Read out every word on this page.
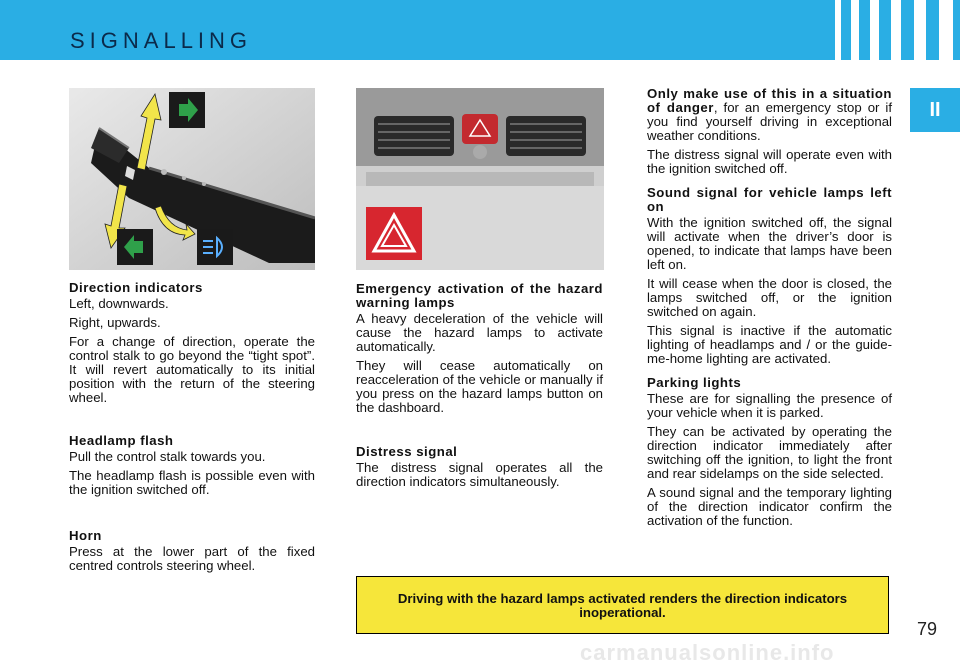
SIGNALLING
II
Direction indicators

Left, downwards.

Right, upwards.

For a change of direction, operate the control stalk to go beyond the “tight spot”. It will revert automatically to its initial position with the return of the steering wheel.

Headlamp flash

Pull the control stalk towards you.

The headlamp flash is possible even with the ignition switched off.

Horn

Press at the lower part of the fixed centred controls steering wheel.

Emergency activation of the hazard warning lamps

A heavy deceleration of the vehicle will cause the hazard lamps to activate automatically.

They will cease automatically on reacceleration of the vehicle or manually if you press on the hazard lamps button on the dashboard.

Distress signal

The distress signal operates all the direction indicators simultaneously.

Only make use of this in a situation of danger, for an emergency stop or if you find yourself driving in exceptional weather conditions.

The distress signal will operate even with the ignition switched off.

Sound signal for vehicle lamps left on

With the ignition switched off, the signal will activate when the driver’s door is opened, to indicate that lamps have been left on.

It will cease when the door is closed, the lamps switched off, or the ignition switched on again.

This signal is inactive if the automatic lighting of headlamps and / or the guide-me-home lighting are activated.

Parking lights

These are for signalling the presence of your vehicle when it is parked.

They can be activated by operating the direction indicator immediately after switching off the ignition, to light the front and rear sidelamps on the side selected.

A sound signal and the temporary lighting of the direction indicator confirm the activation of the function.

Driving with the hazard lamps activated renders the direction indicators inoperational.
79
carmanualsonline.info
